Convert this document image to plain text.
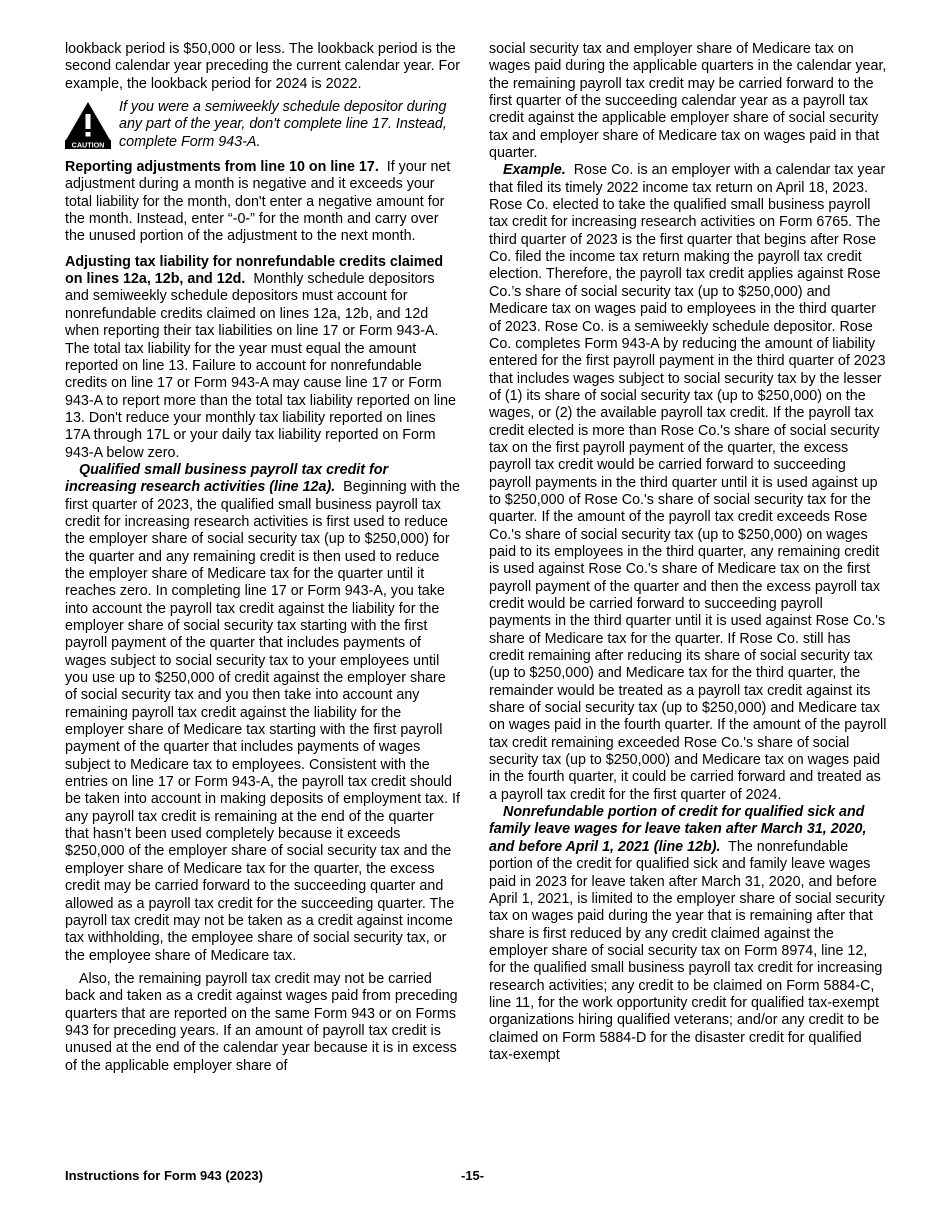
lookback period is $50,000 or less. The lookback period is the second calendar year preceding the current calendar year. For example, the lookback period for 2024 is 2022.

CAUTION

If you were a semiweekly schedule depositor during any part of the year, don't complete line 17. Instead, complete Form 943-A.

Reporting adjustments from line 10 on line 17. If your net adjustment during a month is negative and it exceeds your total liability for the month, don't enter a negative amount for the month. Instead, enter “-0-” for the month and carry over the unused portion of the adjustment to the next month.

Adjusting tax liability for nonrefundable credits claimed on lines 12a, 12b, and 12d. Monthly schedule depositors and semiweekly schedule depositors must account for nonrefundable credits claimed on lines 12a, 12b, and 12d when reporting their tax liabilities on line 17 or Form 943-A. The total tax liability for the year must equal the amount reported on line 13. Failure to account for nonrefundable credits on line 17 or Form 943-A may cause line 17 or Form 943-A to report more than the total tax liability reported on line 13. Don't reduce your monthly tax liability reported on lines 17A through 17L or your daily tax liability reported on Form 943-A below zero.

Qualified small business payroll tax credit for increasing research activities (line 12a). Beginning with the first quarter of 2023, the qualified small business payroll tax credit for increasing research activities is first used to reduce the employer share of social security tax (up to $250,000) for the quarter and any remaining credit is then used to reduce the employer share of Medicare tax for the quarter until it reaches zero. In completing line 17 or Form 943-A, you take into account the payroll tax credit against the liability for the employer share of social security tax starting with the first payroll payment of the quarter that includes payments of wages subject to social security tax to your employees until you use up to $250,000 of credit against the employer share of social security tax and you then take into account any remaining payroll tax credit against the liability for the employer share of Medicare tax starting with the first payroll payment of the quarter that includes payments of wages subject to Medicare tax to employees. Consistent with the entries on line 17 or Form 943-A, the payroll tax credit should be taken into account in making deposits of employment tax. If any payroll tax credit is remaining at the end of the quarter that hasn’t been used completely because it exceeds $250,000 of the employer share of social security tax and the employer share of Medicare tax for the quarter, the excess credit may be carried forward to the succeeding quarter and allowed as a payroll tax credit for the succeeding quarter. The payroll tax credit may not be taken as a credit against income tax withholding, the employee share of social security tax, or the employee share of Medicare tax.

Also, the remaining payroll tax credit may not be carried back and taken as a credit against wages paid from preceding quarters that are reported on the same Form 943 or on Forms 943 for preceding years. If an amount of payroll tax credit is unused at the end of the calendar year because it is in excess of the applicable employer share of

social security tax and employer share of Medicare tax on wages paid during the applicable quarters in the calendar year, the remaining payroll tax credit may be carried forward to the first quarter of the succeeding calendar year as a payroll tax credit against the applicable employer share of social security tax and employer share of Medicare tax on wages paid in that quarter.

Example. Rose Co. is an employer with a calendar tax year that filed its timely 2022 income tax return on April 18, 2023. Rose Co. elected to take the qualified small business payroll tax credit for increasing research activities on Form 6765. The third quarter of 2023 is the first quarter that begins after Rose Co. filed the income tax return making the payroll tax credit election. Therefore, the payroll tax credit applies against Rose Co.’s share of social security tax (up to $250,000) and Medicare tax on wages paid to employees in the third quarter of 2023. Rose Co. is a semiweekly schedule depositor. Rose Co. completes Form 943-A by reducing the amount of liability entered for the first payroll payment in the third quarter of 2023 that includes wages subject to social security tax by the lesser of (1) its share of social security tax (up to $250,000) on the wages, or (2) the available payroll tax credit. If the payroll tax credit elected is more than Rose Co.'s share of social security tax on the first payroll payment of the quarter, the excess payroll tax credit would be carried forward to succeeding payroll payments in the third quarter until it is used against up to $250,000 of Rose Co.'s share of social security tax for the quarter. If the amount of the payroll tax credit exceeds Rose Co.'s share of social security tax (up to $250,000) on wages paid to its employees in the third quarter, any remaining credit is used against Rose Co.'s share of Medicare tax on the first payroll payment of the quarter and then the excess payroll tax credit would be carried forward to succeeding payroll payments in the third quarter until it is used against Rose Co.'s share of Medicare tax for the quarter. If Rose Co. still has credit remaining after reducing its share of social security tax (up to $250,000) and Medicare tax for the third quarter, the remainder would be treated as a payroll tax credit against its share of social security tax (up to $250,000) and Medicare tax on wages paid in the fourth quarter. If the amount of the payroll tax credit remaining exceeded Rose Co.'s share of social security tax (up to $250,000) and Medicare tax on wages paid in the fourth quarter, it could be carried forward and treated as a payroll tax credit for the first quarter of 2024.

Nonrefundable portion of credit for qualified sick and family leave wages for leave taken after March 31, 2020, and before April 1, 2021 (line 12b). The nonrefundable portion of the credit for qualified sick and family leave wages paid in 2023 for leave taken after March 31, 2020, and before April 1, 2021, is limited to the employer share of social security tax on wages paid during the year that is remaining after that share is first reduced by any credit claimed against the employer share of social security tax on Form 8974, line 12, for the qualified small business payroll tax credit for increasing research activities; any credit to be claimed on Form 5884-C, line 11, for the work opportunity credit for qualified tax-exempt organizations hiring qualified veterans; and/or any credit to be claimed on Form 5884-D for the disaster credit for qualified tax-exempt

Instructions for Form 943 (2023)	-15-
